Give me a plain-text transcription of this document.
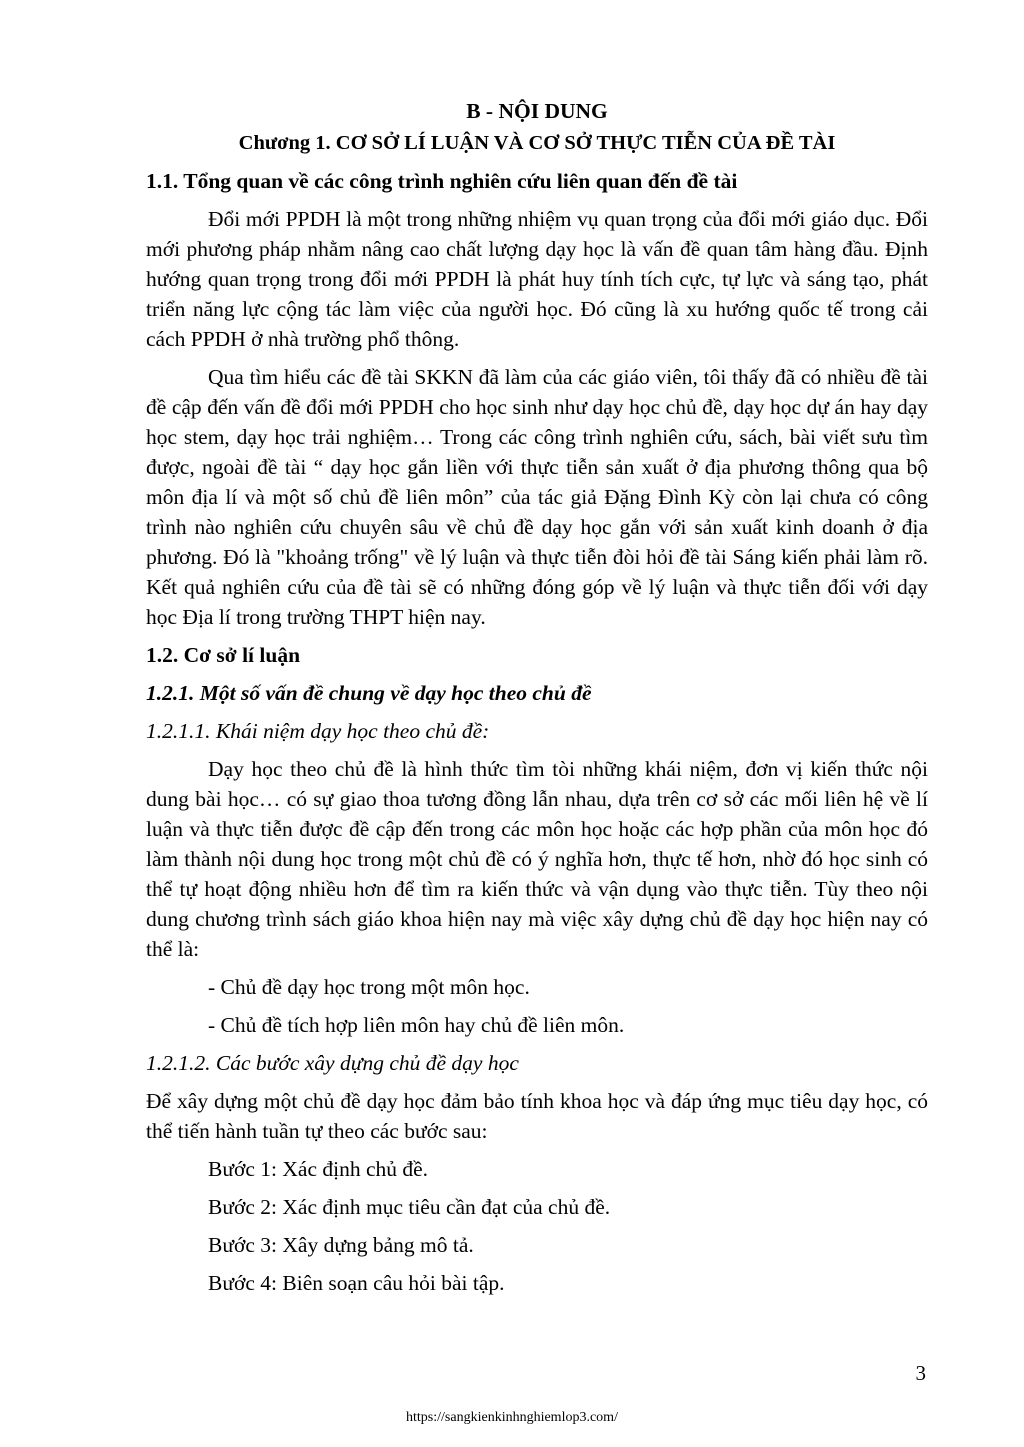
B - NỘI DUNG
Chương 1. CƠ SỞ LÍ LUẬN VÀ CƠ SỞ THỰC TIỄN CỦA ĐỀ TÀI
1.1. Tổng quan về các công trình nghiên cứu liên quan đến đề tài

Đổi mới PPDH là một trong những nhiệm vụ quan trọng của đổi mới giáo dục. Đổi mới phương pháp nhằm nâng cao chất lượng dạy học là vấn đề quan tâm hàng đầu. Định hướng quan trọng trong đổi mới PPDH là phát huy tính tích cực, tự lực và sáng tạo, phát triển năng lực cộng tác làm việc của người học. Đó cũng là xu hướng quốc tế trong cải cách PPDH ở nhà trường phổ thông.

Qua tìm hiểu các đề tài SKKN đã làm của các giáo viên, tôi thấy đã có nhiều đề tài đề cập đến vấn đề đổi mới PPDH cho học sinh như dạy học chủ đề, dạy học dự án hay dạy học stem, dạy học trải nghiệm… Trong các công trình nghiên cứu, sách, bài viết sưu tìm được, ngoài đề tài “ dạy học gắn liền với thực tiễn sản xuất ở địa phương thông qua bộ môn địa lí và một số chủ đề liên môn” của tác giả Đặng Đình Kỳ còn lại chưa có công trình nào nghiên cứu chuyên sâu về chủ đề dạy học gắn với sản xuất kinh doanh ở địa phương. Đó là "khoảng trống" về lý luận và thực tiễn đòi hỏi đề tài Sáng kiến phải làm rõ. Kết quả nghiên cứu của đề tài sẽ có những đóng góp về lý luận và thực tiễn đối với dạy học Địa lí trong trường THPT hiện nay.

1.2. Cơ sở lí luận
1.2.1. Một số vấn đề chung về dạy học theo chủ đề
1.2.1.1. Khái niệm dạy học theo chủ đề:

Dạy học theo chủ đề là hình thức tìm tòi những khái niệm, đơn vị kiến thức nội dung bài học… có sự giao thoa tương đồng lẫn nhau, dựa trên cơ sở các mối liên hệ về lí luận và thực tiễn được đề cập đến trong các môn học hoặc các hợp phần của môn học đó làm thành nội dung học trong một chủ đề có ý nghĩa hơn, thực tế hơn, nhờ đó học sinh có thể tự hoạt động nhiều hơn để tìm ra kiến thức và vận dụng vào thực tiễn. Tùy theo nội dung chương trình sách giáo khoa hiện nay mà việc xây dựng chủ đề dạy học hiện nay có thể là:

- Chủ đề dạy học trong một môn học.

- Chủ đề tích hợp liên môn hay chủ đề liên môn.

1.2.1.2. Các bước xây dựng chủ đề dạy học

Để xây dựng một chủ đề dạy học đảm bảo tính khoa học và đáp ứng mục tiêu dạy học, có thể tiến hành tuần tự theo các bước sau:

Bước 1: Xác định chủ đề.

Bước 2: Xác định mục tiêu cần đạt của chủ đề.

Bước 3: Xây dựng bảng mô tả.

Bước 4: Biên soạn câu hỏi bài tập.

3
https://sangkienkinhnghiemlop3.com/
